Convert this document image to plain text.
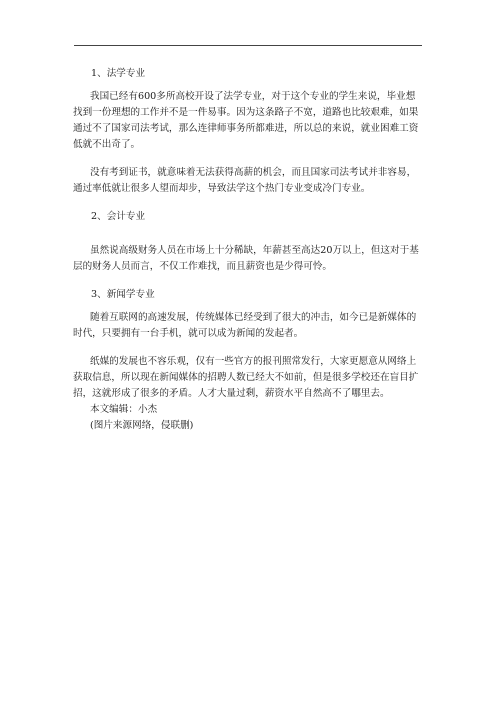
1、法学专业

我国已经有600多所高校开设了法学专业，对于这个专业的学生来说，毕业想找到一份理想的工作并不是一件易事。因为这条路子不宽，道路也比较艰难，如果通过不了国家司法考试，那么连律师事务所都难进，所以总的来说，就业困难工资低就不出奇了。

没有考到证书，就意味着无法获得高薪的机会，而且国家司法考试并非容易，通过率低就让很多人望而却步，导致法学这个热门专业变成冷门专业。

2、会计专业

虽然说高级财务人员在市场上十分稀缺，年薪甚至高达20万以上，但这对于基层的财务人员而言，不仅工作难找，而且薪资也是少得可怜。

3、新闻学专业

随着互联网的高速发展，传统媒体已经受到了很大的冲击，如今已是新媒体的时代，只要拥有一台手机，就可以成为新闻的发起者。

纸媒的发展也不容乐观，仅有一些官方的报刊照常发行，大家更愿意从网络上获取信息，所以现在新闻媒体的招聘人数已经大不如前，但是很多学校还在盲目扩招，这就形成了很多的矛盾。人才大量过剩，薪资水平自然高不了哪里去。

本文编辑：小杰

(图片来源网络，侵联删)
